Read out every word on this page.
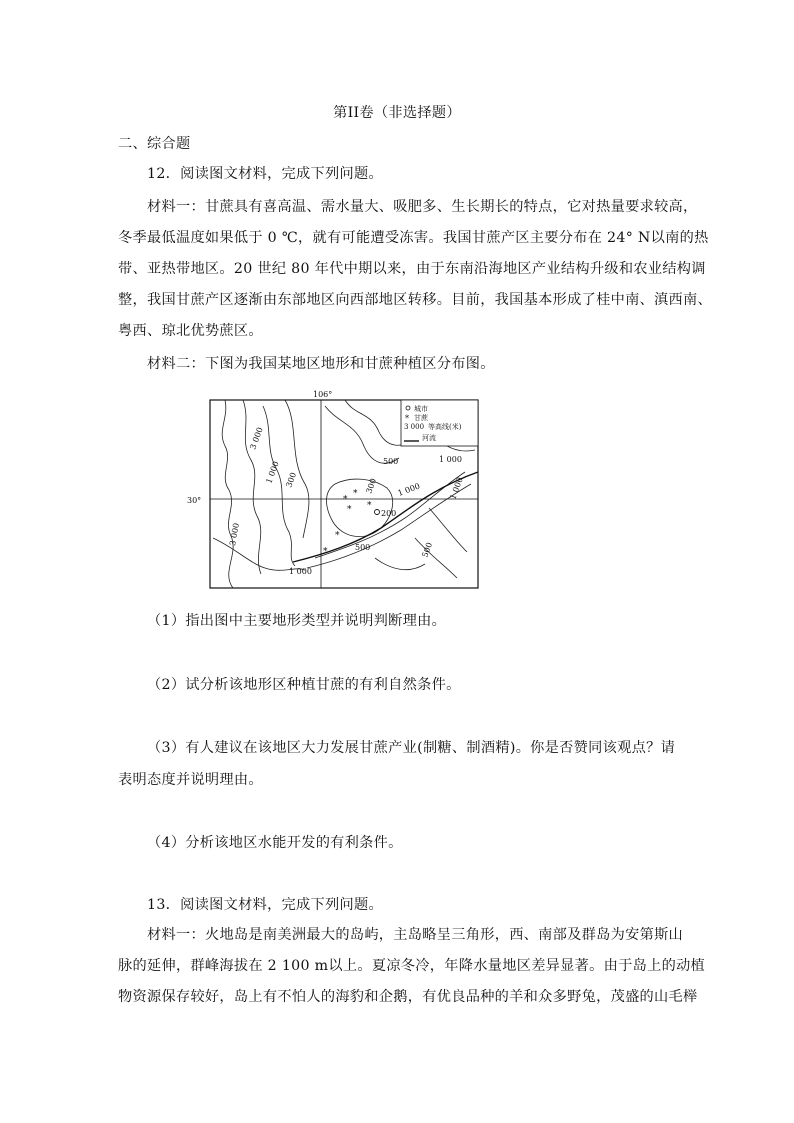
第II卷（非选择题）
二、综合题
12．阅读图文材料，完成下列问题。
材料一：甘蔗具有喜高温、需水量大、吸肥多、生长期长的特点，它对热量要求较高，
冬季最低温度如果低于 0 ℃，就有可能遭受冻害。我国甘蔗产区主要分布在 24° N以南的热
带、亚热带地区。20 世纪 80 年代中期以来，由于东南沿海地区产业结构升级和农业结构调
整，我国甘蔗产区逐渐由东部地区向西部地区转移。目前，我国基本形成了桂中南、滇西南、
粤西、琼北优势蔗区。
材料二：下图为我国某地区地形和甘蔗种植区分布图。
106°
30°	*
*
* *
*
*
城市
* 甘蔗
3 000 等高线(米)
河流
3 000
1 000 300
500	1 000
1 000
300	1 000
200
3 000
500
1 000
500
（1）指出图中主要地形类型并说明判断理由。
（2）试分析该地形区种植甘蔗的有利自然条件。
（3）有人建议在该地区大力发展甘蔗产业(制糖、制酒精)。你是否赞同该观点？请
表明态度并说明理由。
（4）分析该地区水能开发的有利条件。
13．阅读图文材料，完成下列问题。
材料一：火地岛是南美洲最大的岛屿，主岛略呈三角形，西、南部及群岛为安第斯山
脉的延伸，群峰海拔在 2 100 m以上。夏凉冬冷，年降水量地区差异显著。由于岛上的动植
物资源保存较好，岛上有不怕人的海豹和企鹅，有优良品种的羊和众多野兔，茂盛的山毛榉
